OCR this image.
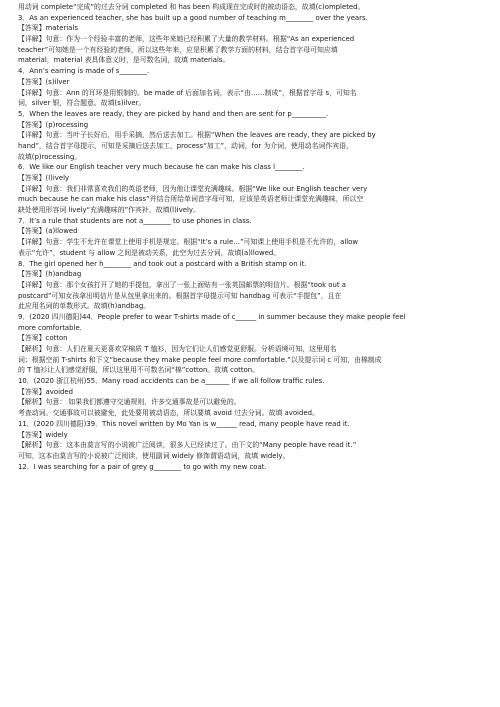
用动词 complete“完成”的过去分词 completed 和 has been 构成现在完成时的被动语态，故填(c)ompleted。
3．As an experienced teacher, she has built up a good number of teaching m________ over the years.
【答案】materials
【详解】句意：作为一个经验丰富的老师，这些年来她已经积累了大量的教学材料。根据“As an experienced
teacher”可知她是一个有经验的老师，所以这些年来，应是积累了教学方面的材料，结合首字母可知应填
material，material 表具体意义时，是可数名词，故填 materials。
4．Ann’s earring is made of s________.
【答案】(s)ilver
【详解】句意：Ann 的耳环是用银制的。be made of 后面加名词，表示“由……制成”，根据首字母 s，可知名
词，silver 银，符合题意。故填(s)ilver。
5．When the leaves are ready, they are picked by hand and then are sent for p__________.
【答案】(p)rocessing
【详解】句意：当叶子长好后，用手采摘，然后送去加工。根据“When the leaves are ready, they are picked by
hand”，结合首字母提示，可知是采摘后送去加工，process“加工”，动词，for 为介词，使用动名词作宾语，
故填(p)rocessing。
6．We like our English teacher very much because he can make his class l________.
【答案】(l)ively
【详解】句意：我们非常喜欢我们的英语老师，因为他让课堂充满趣味。根据“We like our English teacher very
much because he can make his class”并结合所给单词首字母可知，应该是英语老师让课堂充满趣味，所以空
缺处使用形容词 lively“充满趣味的”作宾补，故填(l)ively。
7．It’s a rule that students are not a________ to use phones in class.
【答案】(a)llowed
【详解】句意：学生不允许在课堂上使用手机是规定。根据“It’s a rule…”可知课上使用手机是不允许的，allow
表示“允许”，student 与 allow 之间是被动关系，此空为过去分词，故填(a)llowed。
8．The girl opened her h________ and took out a postcard with a British stamp on it.
【答案】(h)andbag
【详解】句意：那个女孩打开了她的手提包，拿出了一张上面贴有一张英国邮票的明信片。根据“took out a
postcard”可知女孩拿出明信片是从包里拿出来的。根据首字母提示可知 handbag 可表示“手提包”，且在
此应用名词的单数形式。故填(h)andbag。
9．(2020 四川德阳)44．People prefer to wear T-shirts made of c______ in summer because they make people feel
more comfortable.
【答案】cotton
【解析】句意：人们在夏天更喜欢穿棉质 T 恤衫，因为它们让人们感觉更舒服。分析语境可知，这里用名
词；根据空前 T-shirts 和下文“because they make people feel more comfortable.”以及提示词 c 可知，由棉制成
的 T 恤衫让人们感觉舒服，所以这里用不可数名词“棉”cotton。故填 cotton。
10．(2020 浙江杭州)55．Many road accidents can be a_______ if we all follow traffic rules.
【答案】avoided
【解析】句意： 如果我们都遵守交通规则，许多交通事故是可以避免的。
考查动词。交通事故可以被避免，此处要用被动语态，所以要填 avoid 过去分词。故填 avoided。
11．(2020 四川德阳)39．This novel written by Mo Yan is w______ read, many people have read it.
【答案】widely
【解析】句意：这本由莫言写的小说被广泛阅读，很多人已经读过了。由下文的“Many people have read it.”
可知，这本由莫言写的小说被广泛阅读，使用副词 widely 修饰谓语动词，故填 widely。
12．I was searching for a pair of grey g________ to go with my new coat.
